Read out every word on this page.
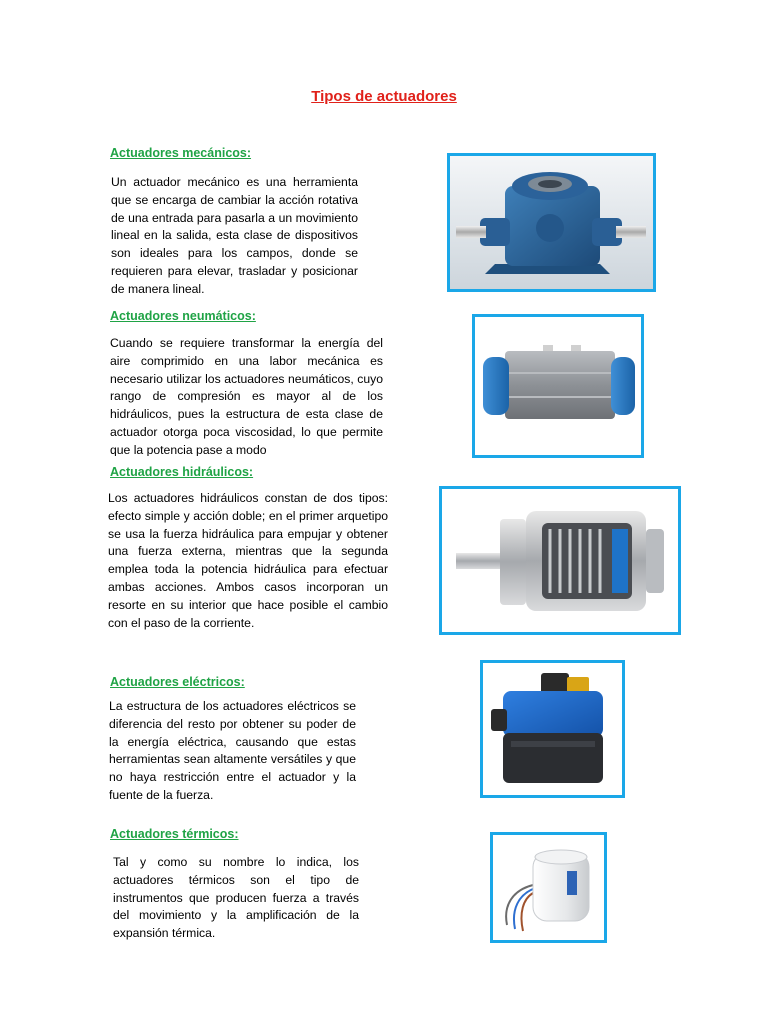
Tipos de actuadores
Actuadores mecánicos:
Un actuador mecánico es una herramienta que se encarga de cambiar la acción rotativa de una entrada para pasarla a un movimiento lineal en la salida, esta clase de dispositivos son ideales para los campos, donde se requieren para elevar, trasladar y posicionar de manera lineal.
Actuadores neumáticos:
Cuando se requiere transformar la energía del aire comprimido en una labor mecánica es necesario utilizar los actuadores neumáticos, cuyo rango de compresión es mayor al de los hidráulicos, pues la estructura de esta clase de actuador otorga poca viscosidad, lo que permite que la potencia pase a modo
Actuadores hidráulicos:
Los actuadores hidráulicos constan de dos tipos: efecto simple y acción doble; en el primer arquetipo se usa la fuerza hidráulica para empujar y obtener una fuerza externa, mientras que la segunda emplea toda la potencia hidráulica para efectuar ambas acciones. Ambos casos incorporan un resorte en su interior que hace posible el cambio con el paso de la corriente.
Actuadores eléctricos:
La estructura de los actuadores eléctricos se diferencia del resto por obtener su poder de la energía eléctrica, causando que estas herramientas sean altamente versátiles y que no haya restricción entre el actuador y la fuente de la fuerza.
Actuadores térmicos:
Tal y como su nombre lo indica, los actuadores térmicos son el tipo de instrumentos que producen fuerza a través del movimiento y la amplificación de la expansión térmica.
